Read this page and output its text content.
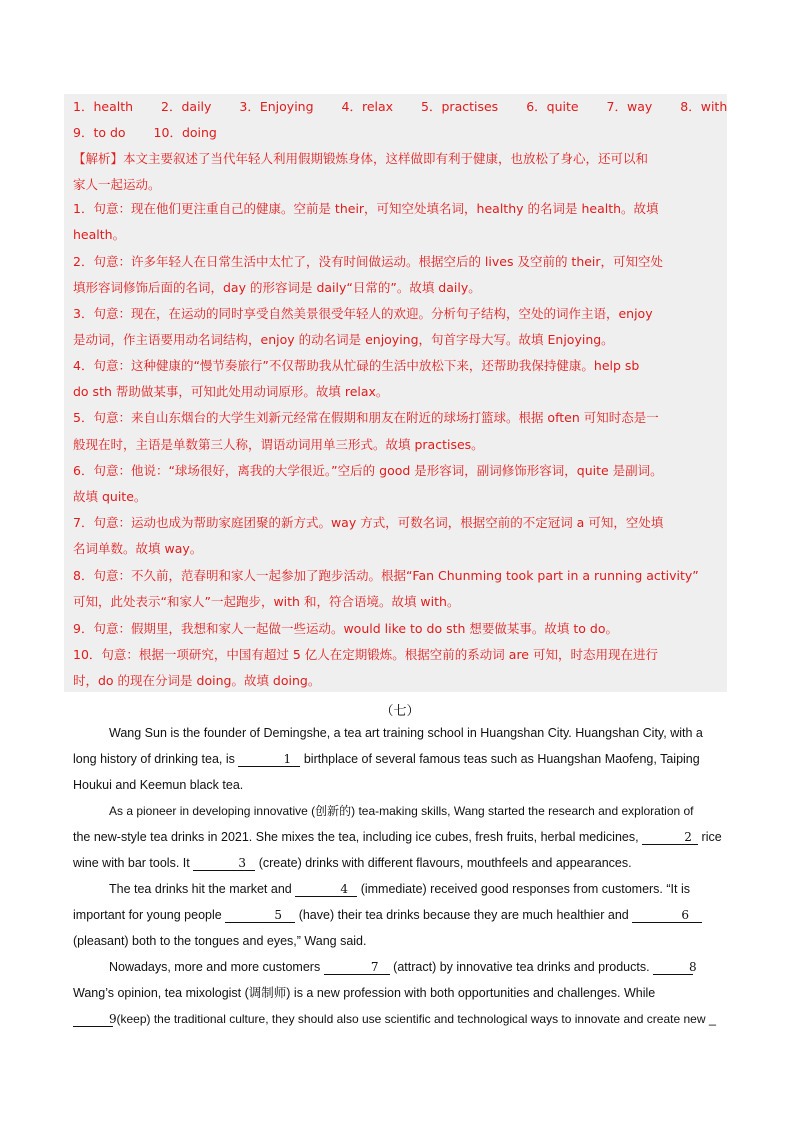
1．health 2．daily 3．Enjoying 4．relax 5．practises 6．quite 7．way 8．with
9．to do 10．doing
【解析】本文主要叙述了当代年轻人利用假期锻炼身体，这样做即有利于健康，也放松了身心，还可以和
家人一起运动。
1．句意：现在他们更注重自己的健康。空前是 their，可知空处填名词，healthy 的名词是 health。故填
health。
2．句意：许多年轻人在日常生活中太忙了，没有时间做运动。根据空后的 lives 及空前的 their，可知空处
填形容词修饰后面的名词，day 的形容词是 daily“日常的”。故填 daily。
3．句意：现在，在运动的同时享受自然美景很受年轻人的欢迎。分析句子结构，空处的词作主语，enjoy
是动词，作主语要用动名词结构，enjoy 的动名词是 enjoying，句首字母大写。故填 Enjoying。
4．句意：这种健康的“慢节奏旅行”不仅帮助我从忙碌的生活中放松下来，还帮助我保持健康。help sb
do sth 帮助做某事，可知此处用动词原形。故填 relax。
5．句意：来自山东烟台的大学生刘新元经常在假期和朋友在附近的球场打篮球。根据 often 可知时态是一
般现在时，主语是单数第三人称，谓语动词用单三形式。故填 practises。
6．句意：他说：“球场很好，离我的大学很近。”空后的 good 是形容词，副词修饰形容词，quite 是副词。
故填 quite。
7．句意：运动也成为帮助家庭团聚的新方式。way 方式，可数名词，根据空前的不定冠词 a 可知，空处填
名词单数。故填 way。
8．句意：不久前，范春明和家人一起参加了跑步活动。根据“Fan Chunming took part in a running activity”
可知，此处表示“和家人”一起跑步，with 和，符合语境。故填 with。
9．句意：假期里，我想和家人一起做一些运动。would like to do sth 想要做某事。故填 to do。
10．句意：根据一项研究，中国有超过 5 亿人在定期锻炼。根据空前的系动词 are 可知，时态用现在进行
时，do 的现在分词是 doing。故填 doing。
（七）
Wang Sun is the founder of Demingshe, a tea art training school in Huangshan City. Huangshan City, with a
long history of drinking tea, is	1 birthplace of several famous teas such as Huangshan Maofeng, Taiping
Houkui and Keemun black tea.
As a pioneer in developing innovative (创新的) tea-making skills, Wang started the research and exploration of
the new-style tea drinks in 2021. She mixes the tea, including ice cubes, fresh fruits, herbal medicines,	2 rice
wine with bar tools. It	3 (create) drinks with different flavours, mouthfeels and appearances.
The tea drinks hit the market and	4 (immediate) received good responses from customers. “It is
important for young people	5 (have) their tea drinks because they are much healthier and	6
(pleasant) both to the tongues and eyes,” Wang said.
Nowadays, more and more customers	7 (attract) by innovative tea drinks and products.	8
Wang’s opinion, tea mixologist (调制师) is a new profession with both opportunities and challenges. While
9 (keep) the traditional culture, they should also use scientific and technological ways to innovate and create new _
